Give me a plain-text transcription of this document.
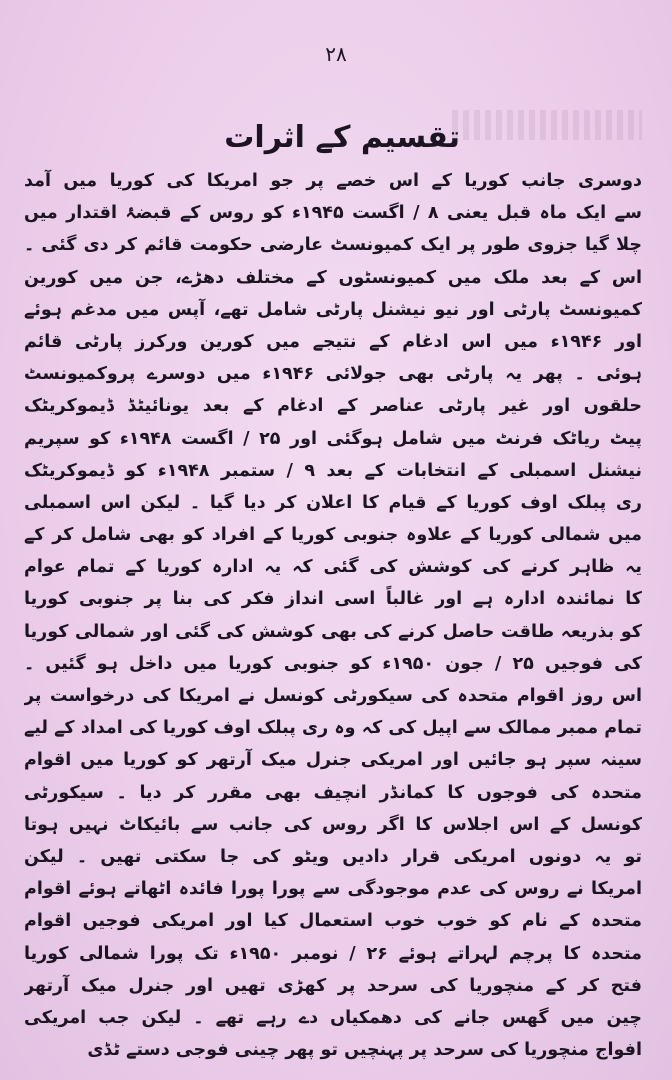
۲۸
تقسیم کے اثرات
دوسری جانب کوریا کے اس خصے پر جو امریکا کی کوریا میں آمد
سے ایک ماہ قبل یعنی ۸ / اگست ۱۹۴۵ء کو روس کے قبضۂ اقتدار میں
چلا گیا جزوی طور پر ایک کمیونسٹ عارضی حکومت قائم کر دی گئی ۔
اس کے بعد ملک میں کمیونسٹوں کے مختلف دھڑے، جن میں کورین
کمیونسٹ پارٹی اور نیو نیشنل پارٹی شامل تھے، آپس میں مدغم ہوئے
اور ۱۹۴۶ء میں اس ادغام کے نتیجے میں کورین ورکرز پارٹی قائم
ہوئی ۔ پھر یہ پارٹی بھی جولائی ۱۹۴۶ء میں دوسرے پروکمیونسٹ
حلقوں اور غیر پارٹی عناصر کے ادغام کے بعد یونائیٹڈ ڈیموکریٹک
پیٹ ریاٹک فرنٹ میں شامل ہوگئی اور ۲۵ / اگست ۱۹۴۸ء کو سپریم
نیشنل اسمبلی کے انتخابات کے بعد ۹ / ستمبر ۱۹۴۸ء کو ڈیموکریٹک
ری پبلک اوف کوریا کے قیام کا اعلان کر دیا گیا ۔ لیکن اس اسمبلی
میں شمالی کوریا کے علاوہ جنوبی کوریا کے افراد کو بھی شامل کر کے
یہ ظاہر کرنے کی کوشش کی گئی کہ یہ ادارہ کوریا کے تمام عوام
کا نمائندہ ادارہ ہے اور غالباً اسی انداز فکر کی بنا پر جنوبی کوریا
کو بذریعہ طاقت حاصل کرنے کی بھی کوشش کی گئی اور شمالی کوریا
کی فوجیں ۲۵ / جون ۱۹۵۰ء کو جنوبی کوریا میں داخل ہو گئیں ۔
اس روز اقوام متحدہ کی سیکورٹی کونسل نے امریکا کی درخواست پر
تمام ممبر ممالک سے اپیل کی کہ وہ ری پبلک اوف کوریا کی امداد کے لیے
سینہ سپر ہو جائیں اور امریکی جنرل میک آرتھر کو کوریا میں اقوام
متحدہ کی فوجوں کا کمانڈر انچیف بھی مقرر کر دیا ۔ سیکورٹی
کونسل کے اس اجلاس کا اگر روس کی جانب سے بائیکاٹ نہیں ہوتا
تو یہ دونوں امریکی قرار دادیں ویٹو کی جا سکتی تھیں ۔ لیکن
امریکا نے روس کی عدم موجودگی سے پورا پورا فائدہ اٹھاتے ہوئے اقوام
متحدہ کے نام کو خوب خوب استعمال کیا اور امریکی فوجیں اقوام
متحدہ کا پرچم لہراتے ہوئے ۲۶ / نومبر ۱۹۵۰ء تک پورا شمالی کوریا
فتح کر کے منچوریا کی سرحد پر کھڑی تھیں اور جنرل میک آرتھر
چین میں گھس جانے کی دھمکیاں دے رہے تھے ۔ لیکن جب امریکی
افواج منچوریا کی سرحد پر پہنچیں تو پھر چینی فوجی دستے ٹڈی
